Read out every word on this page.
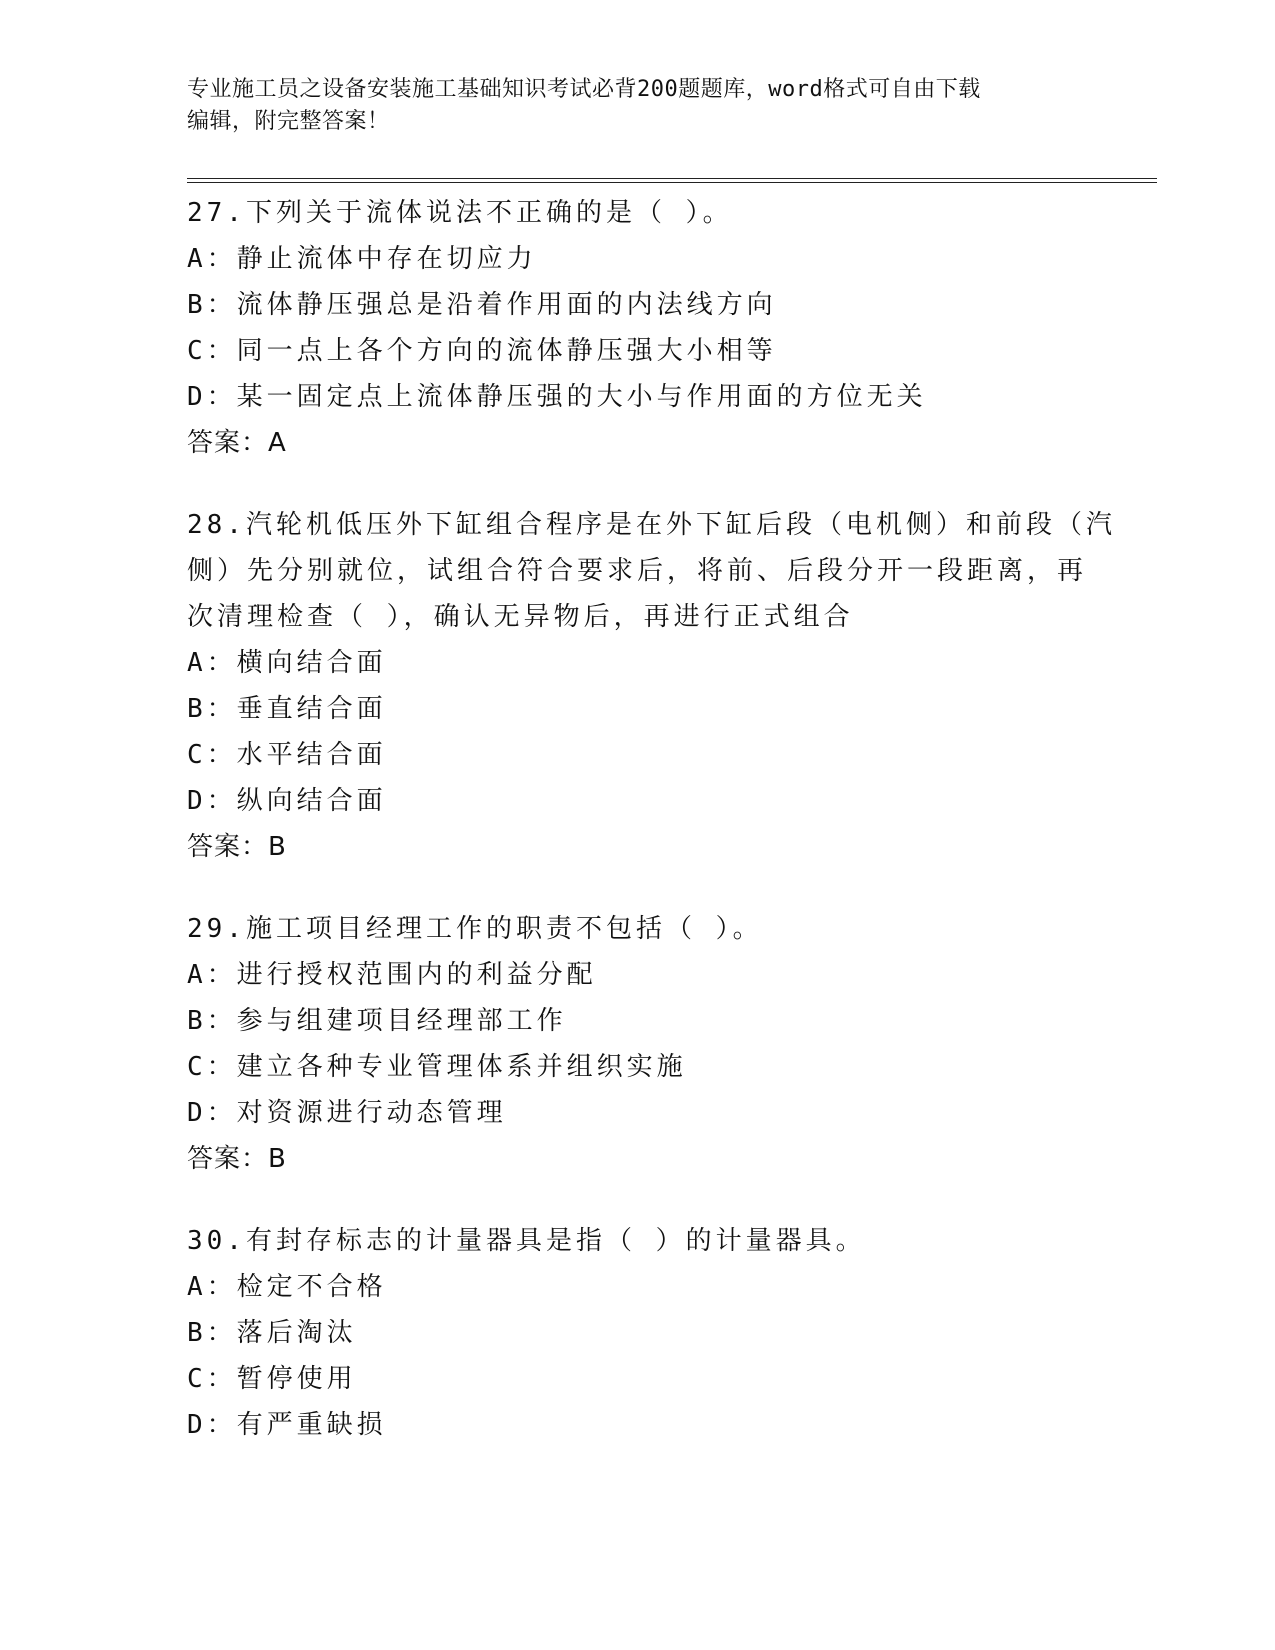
专业施工员之设备安装施工基础知识考试必背200题题库，word格式可自由下载
编辑，附完整答案！
27.下列关于流体说法不正确的是（ ）。
A：静止流体中存在切应力
B：流体静压强总是沿着作用面的内法线方向
C：同一点上各个方向的流体静压强大小相等
D：某一固定点上流体静压强的大小与作用面的方位无关
答案：A
28.汽轮机低压外下缸组合程序是在外下缸后段（电机侧）和前段（汽
侧）先分别就位，试组合符合要求后，将前、后段分开一段距离，再
次清理检查（ ），确认无异物后，再进行正式组合
A：横向结合面
B：垂直结合面
C：水平结合面
D：纵向结合面
答案：B
29.施工项目经理工作的职责不包括（ ）。
A：进行授权范围内的利益分配
B：参与组建项目经理部工作
C：建立各种专业管理体系并组织实施
D：对资源进行动态管理
答案：B
30.有封存标志的计量器具是指（ ）的计量器具。
A：检定不合格
B：落后淘汰
C：暂停使用
D：有严重缺损
